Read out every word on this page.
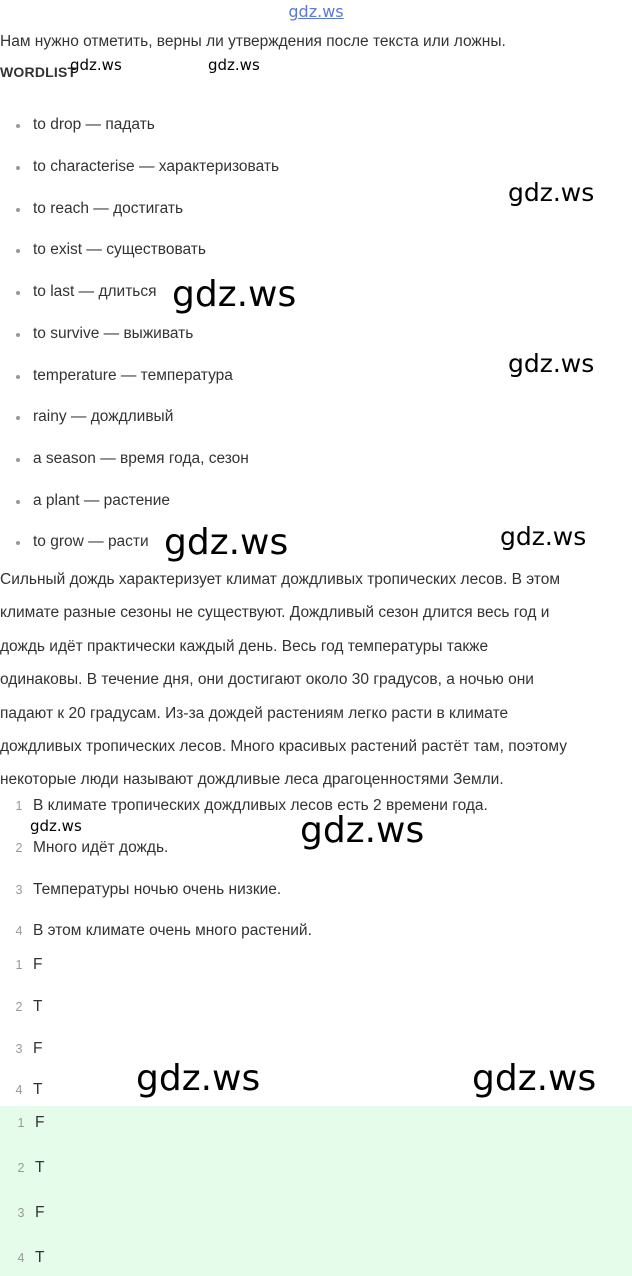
gdz.ws
Нам нужно отметить, верны ли утверждения после текста или ложны.
WORDLIST
to drop — падать
to characterise — характеризовать
to reach — достигать
to exist — существовать
to last — длиться
to survive — выживать
temperature — температура
rainy — дождливый
a season — время года, сезон
a plant — растение
to grow — расти
Сильный дождь характеризует климат дождливых тропических лесов. В этом
климате разные сезоны не существуют. Дождливый сезон длится весь год и
дождь идёт практически каждый день. Весь год температуры также
одинаковы. В течение дня, они достигают около 30 градусов, а ночью они
падают к 20 градусам. Из-за дождей растениям легко расти в климате
дождливых тропических лесов. Много красивых растений растёт там, поэтому
некоторые люди называют дождливые леса драгоценностями Земли.
1 В климате тропических дождливых лесов есть 2 времени года.
2 Много идёт дождь.
3 Температуры ночью очень низкие.
4 В этом климате очень много растений.
1 F
2 T
3 F
4 T
1 F
2 T
3 F
4 T
gdz.ws	gdz.ws
gdz.ws
gdz.ws
gdz.ws
gdz.ws	gdz.ws
gdz.ws	gdz.ws
gdz.ws	gdz.ws
